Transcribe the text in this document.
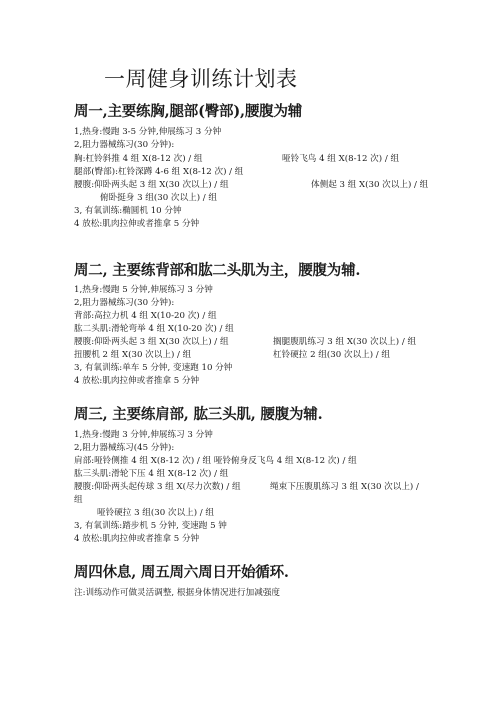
一周健身训练计划表
周一,主要练胸,腿部(臀部),腰腹为辅
1,热身:慢跑 3-5 分钟,伸展练习 3 分钟
2,阻力器械练习(30 分钟):
胸:杠铃斜推 4 组 X(8-12 次) / 组	哑铃飞鸟 4 组 X(8-12 次) / 组
腿部(臀部):杠铃深蹲 4-6 组 X(8-12 次) / 组
腰腹:仰卧两头起 3 组 X(30 次以上) / 组	体侧起 3 组 X(30 次以上) / 组
俯卧挺身 3 组(30 次以上) / 组
3, 有氧训练:椭圆机 10 分钟
4 放松:肌肉拉伸或者推拿 5 分钟
周二, 主要练背部和肱二头肌为主，腰腹为辅.
1,热身:慢跑 5 分钟,伸展练习 3 分钟
2,阻力器械练习(30 分钟):
背部:高拉力机 4 组 X(10-20 次) / 组
肱二头肌:滑轮弯举 4 组 X(10-20 次) / 组
腰腹:仰卧两头起 3 组 X(30 次以上) / 组	搁腿腹肌练习 3 组 X(30 次以上) / 组
扭腰机 2 组 X(30 次以上) / 组	杠铃硬拉 2 组(30 次以上) / 组
3, 有氧训练:单车 5 分钟, 变速跑 10 分钟
4 放松:肌肉拉伸或者推拿 5 分钟
周三, 主要练肩部, 肱三头肌, 腰腹为辅.
1,热身:慢跑 3 分钟,伸展练习 3 分钟
2,阻力器械练习(45 分钟):
肩部:哑铃侧推 4 组 X(8-12 次) / 组 哑铃俯身反飞鸟 4 组 X(8-12 次) / 组
肱三头肌:滑轮下压 4 组 X(8-12 次) / 组
腰腹:仰卧两头起传球 3 组 X(尽力次数) / 组	绳束下压腹肌练习 3 组 X(30 次以上) /
组
哑铃硬拉 3 组(30 次以上) / 组
3, 有氧训练:踏步机 5 分钟, 变速跑 5 钟
4 放松:肌肉拉伸或者推拿 5 分钟
周四休息, 周五周六周日开始循环.
注:训练动作可做灵活调整, 根据身体情况进行加减强度
